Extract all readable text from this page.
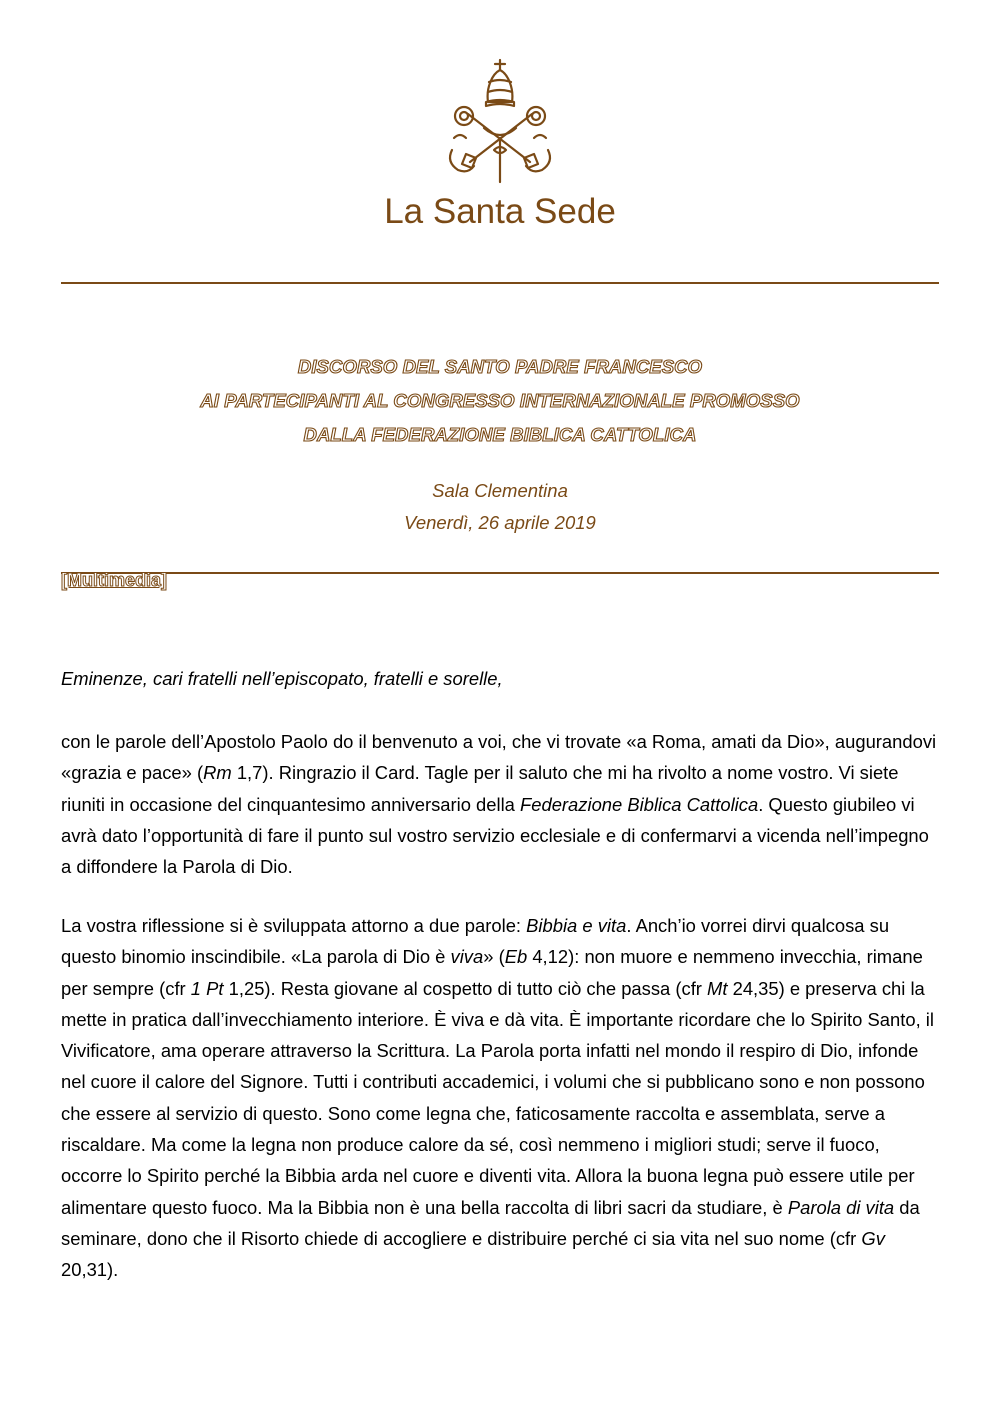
La Santa Sede
DISCORSO DEL SANTO PADRE FRANCESCO
AI PARTECIPANTI AL CONGRESSO INTERNAZIONALE PROMOSSO
DALLA FEDERAZIONE BIBLICA CATTOLICA
Sala Clementina
Venerdì, 26 aprile 2019
[Multimedia]
Eminenze, cari fratelli nell’episcopato, fratelli e sorelle,
con le parole dell’Apostolo Paolo do il benvenuto a voi, che vi trovate «a Roma, amati da Dio», augurandovi «grazia e pace» (Rm 1,7). Ringrazio il Card. Tagle per il saluto che mi ha rivolto a nome vostro. Vi siete riuniti in occasione del cinquantesimo anniversario della Federazione Biblica Cattolica. Questo giubileo vi avrà dato l’opportunità di fare il punto sul vostro servizio ecclesiale e di confermarvi a vicenda nell’impegno a diffondere la Parola di Dio.
La vostra riflessione si è sviluppata attorno a due parole: Bibbia e vita. Anch’io vorrei dirvi qualcosa su questo binomio inscindibile. «La parola di Dio è viva» (Eb 4,12): non muore e nemmeno invecchia, rimane per sempre (cfr 1 Pt 1,25). Resta giovane al cospetto di tutto ciò che passa (cfr Mt 24,35) e preserva chi la mette in pratica dall’invecchiamento interiore. È viva e dà vita. È importante ricordare che lo Spirito Santo, il Vivificatore, ama operare attraverso la Scrittura. La Parola porta infatti nel mondo il respiro di Dio, infonde nel cuore il calore del Signore. Tutti i contributi accademici, i volumi che si pubblicano sono e non possono che essere al servizio di questo. Sono come legna che, faticosamente raccolta e assemblata, serve a riscaldare. Ma come la legna non produce calore da sé, così nemmeno i migliori studi; serve il fuoco, occorre lo Spirito perché la Bibbia arda nel cuore e diventi vita. Allora la buona legna può essere utile per alimentare questo fuoco. Ma la Bibbia non è una bella raccolta di libri sacri da studiare, è Parola di vita da seminare, dono che il Risorto chiede di accogliere e distribuire perché ci sia vita nel suo nome (cfr Gv 20,31).
